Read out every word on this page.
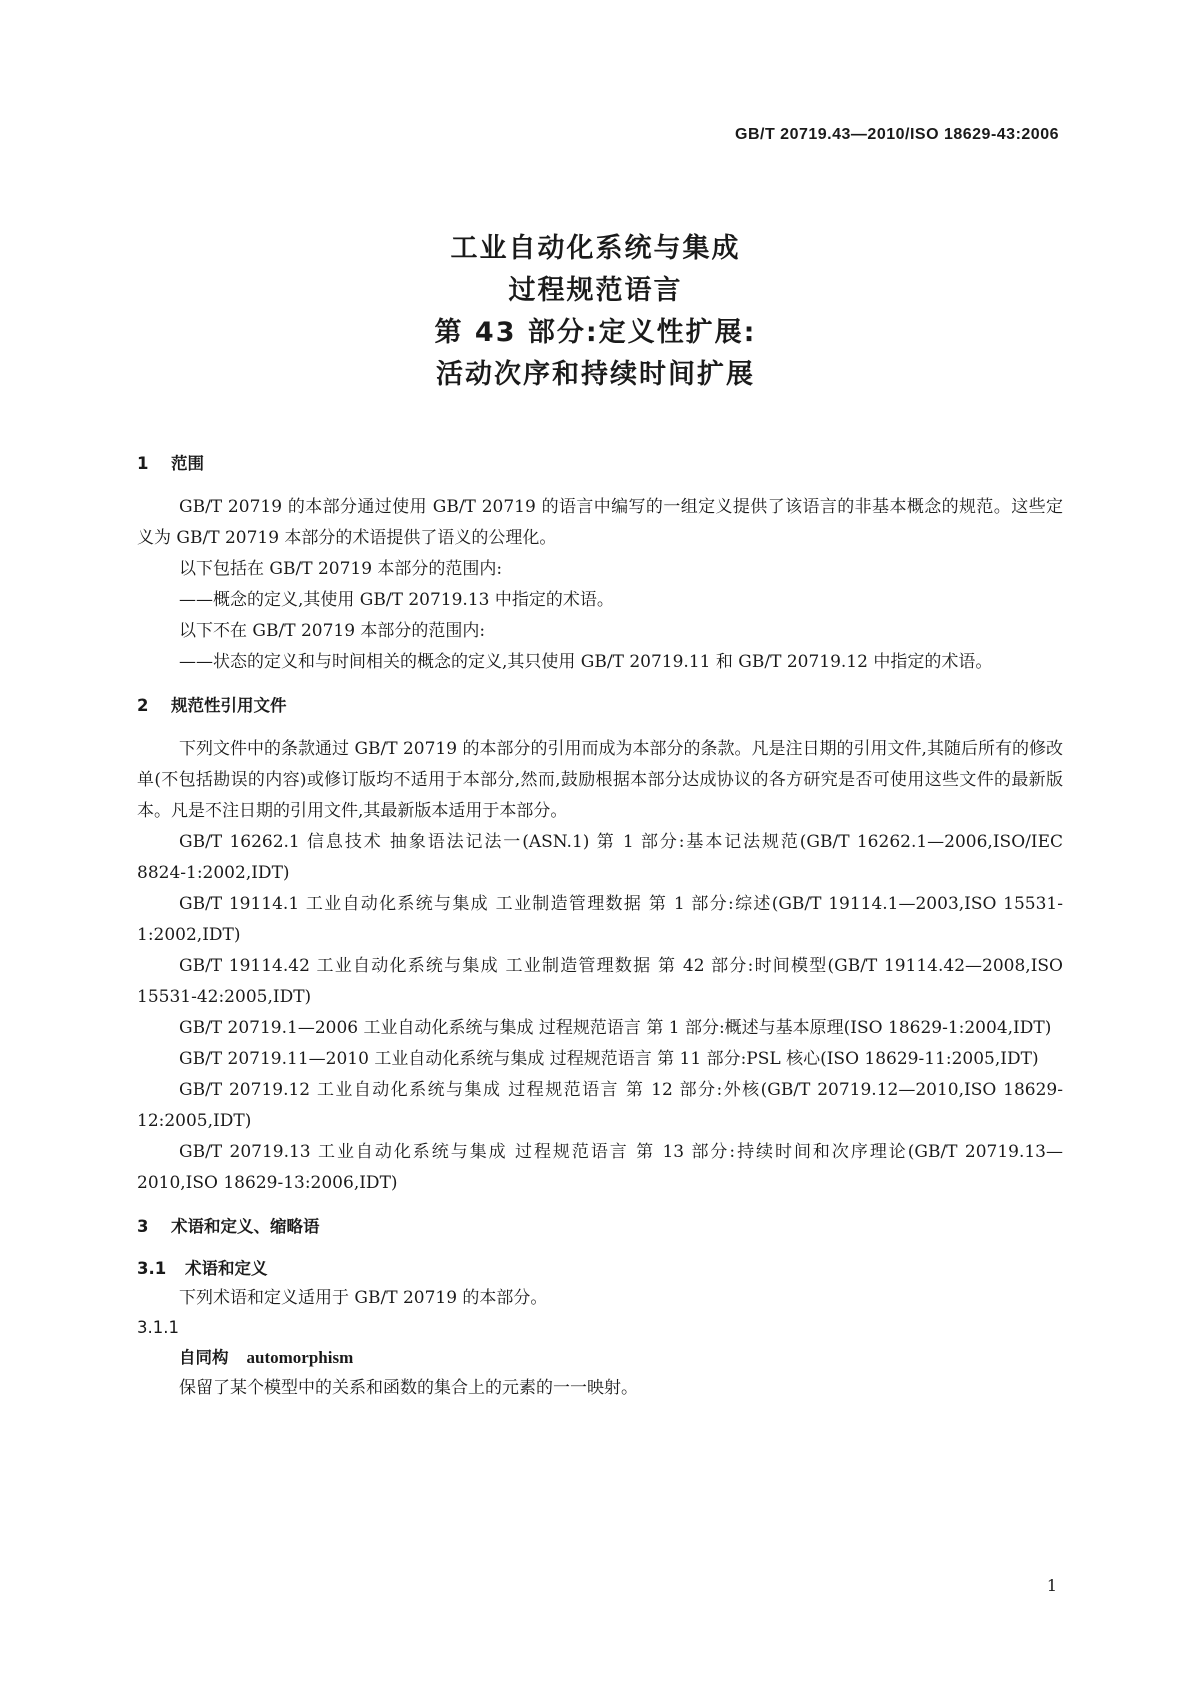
GB/T 20719.43—2010/ISO 18629-43:2006
工业自动化系统与集成
过程规范语言
第 43 部分:定义性扩展:
活动次序和持续时间扩展

1 范围

GB/T 20719 的本部分通过使用 GB/T 20719 的语言中编写的一组定义提供了该语言的非基本概念的规范。这些定义为 GB/T 20719 本部分的术语提供了语义的公理化。

以下包括在 GB/T 20719 本部分的范围内:

——概念的定义,其使用 GB/T 20719.13 中指定的术语。

以下不在 GB/T 20719 本部分的范围内:

——状态的定义和与时间相关的概念的定义,其只使用 GB/T 20719.11 和 GB/T 20719.12 中指定的术语。

2 规范性引用文件

下列文件中的条款通过 GB/T 20719 的本部分的引用而成为本部分的条款。凡是注日期的引用文件,其随后所有的修改单(不包括勘误的内容)或修订版均不适用于本部分,然而,鼓励根据本部分达成协议的各方研究是否可使用这些文件的最新版本。凡是不注日期的引用文件,其最新版本适用于本部分。

GB/T 16262.1 信息技术 抽象语法记法一(ASN.1) 第 1 部分:基本记法规范(GB/T 16262.1—2006,ISO/IEC 8824-1:2002,IDT)

GB/T 19114.1 工业自动化系统与集成 工业制造管理数据 第 1 部分:综述(GB/T 19114.1—2003,ISO 15531-1:2002,IDT)

GB/T 19114.42 工业自动化系统与集成 工业制造管理数据 第 42 部分:时间模型(GB/T 19114.42—2008,ISO 15531-42:2005,IDT)

GB/T 20719.1—2006 工业自动化系统与集成 过程规范语言 第 1 部分:概述与基本原理(ISO 18629-1:2004,IDT)

GB/T 20719.11—2010 工业自动化系统与集成 过程规范语言 第 11 部分:PSL 核心(ISO 18629-11:2005,IDT)

GB/T 20719.12 工业自动化系统与集成 过程规范语言 第 12 部分:外核(GB/T 20719.12—2010,ISO 18629-12:2005,IDT)

GB/T 20719.13 工业自动化系统与集成 过程规范语言 第 13 部分:持续时间和次序理论(GB/T 20719.13—2010,ISO 18629-13:2006,IDT)

3 术语和定义、缩略语

3.1 术语和定义

下列术语和定义适用于 GB/T 20719 的本部分。

3.1.1

自同构 automorphism

保留了某个模型中的关系和函数的集合上的元素的一一映射。

1
